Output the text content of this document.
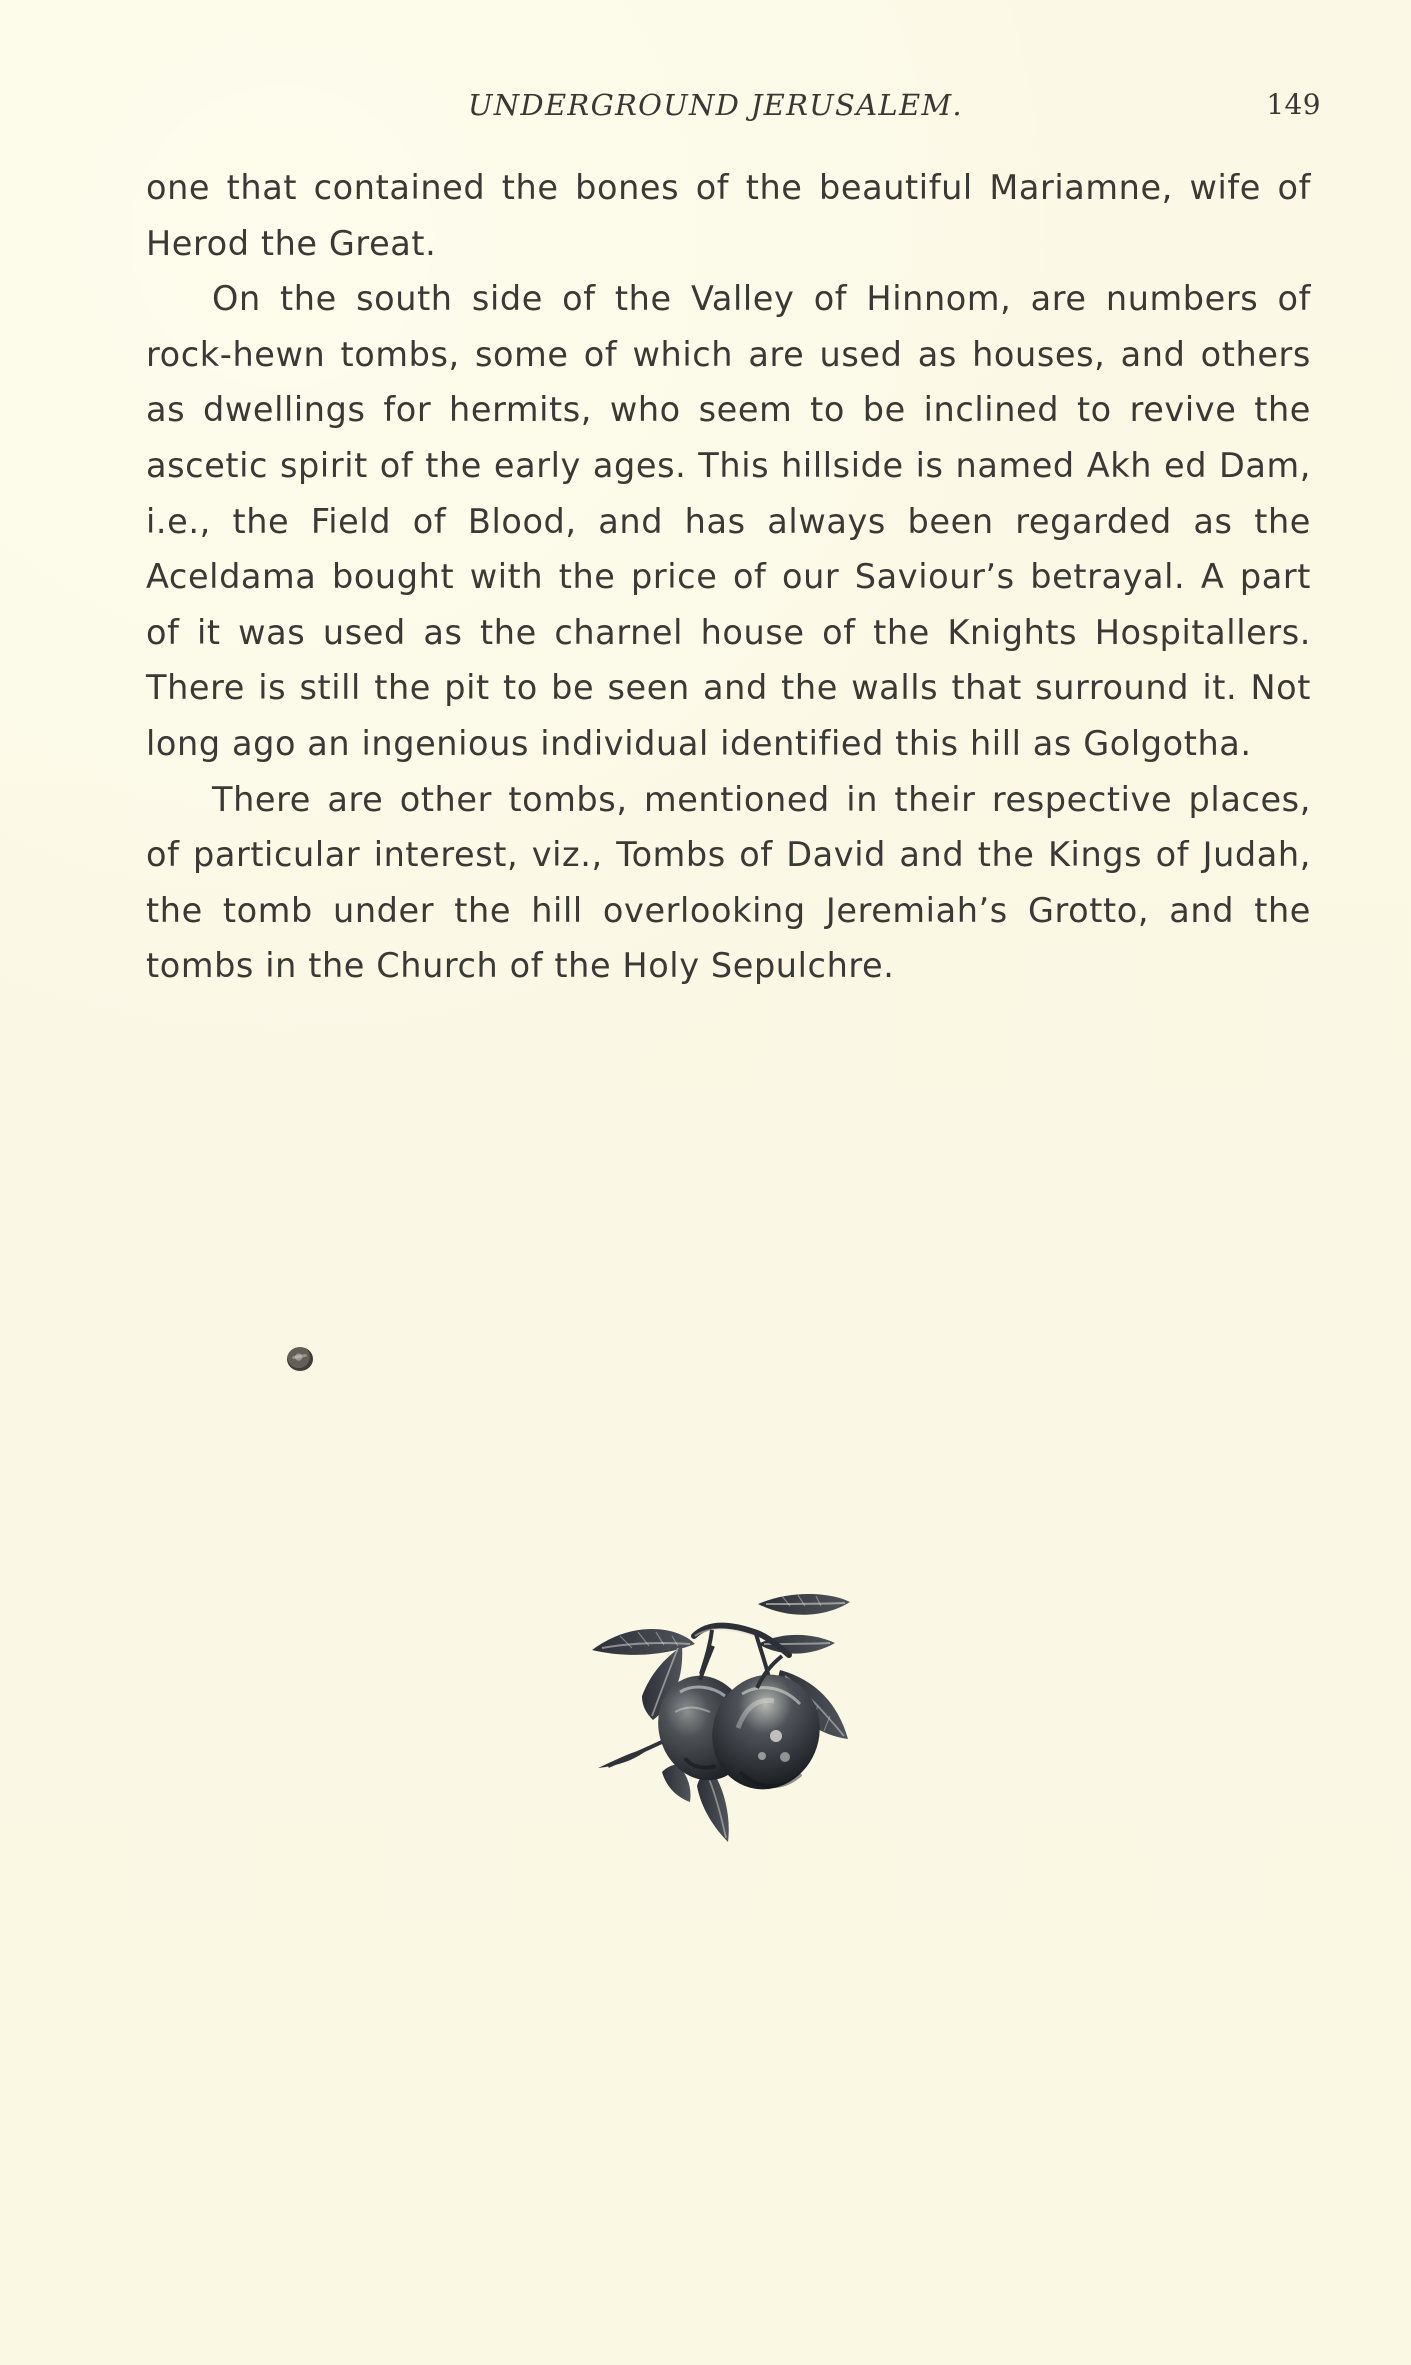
UNDERGROUND JERUSALEM.	149

one that contained the bones of the beautiful Mariamne, wife of Herod the Great.

On the south side of the Valley of Hinnom, are numbers of rock-hewn tombs, some of which are used as houses, and others as dwellings for hermits, who seem to be inclined to revive the ascetic spirit of the early ages. This hillside is named Akh ed Dam, i.e., the Field of Blood, and has always been regarded as the Aceldama bought with the price of our Saviour’s betrayal. A part of it was used as the charnel house of the Knights Hospitallers. There is still the pit to be seen and the walls that surround it. Not long ago an ingenious individual identified this hill as Golgotha.

There are other tombs, mentioned in their respective places, of particular interest, viz., Tombs of David and the Kings of Judah, the tomb under the hill overlooking Jeremiah’s Grotto, and the tombs in the Church of the Holy Sepulchre.
